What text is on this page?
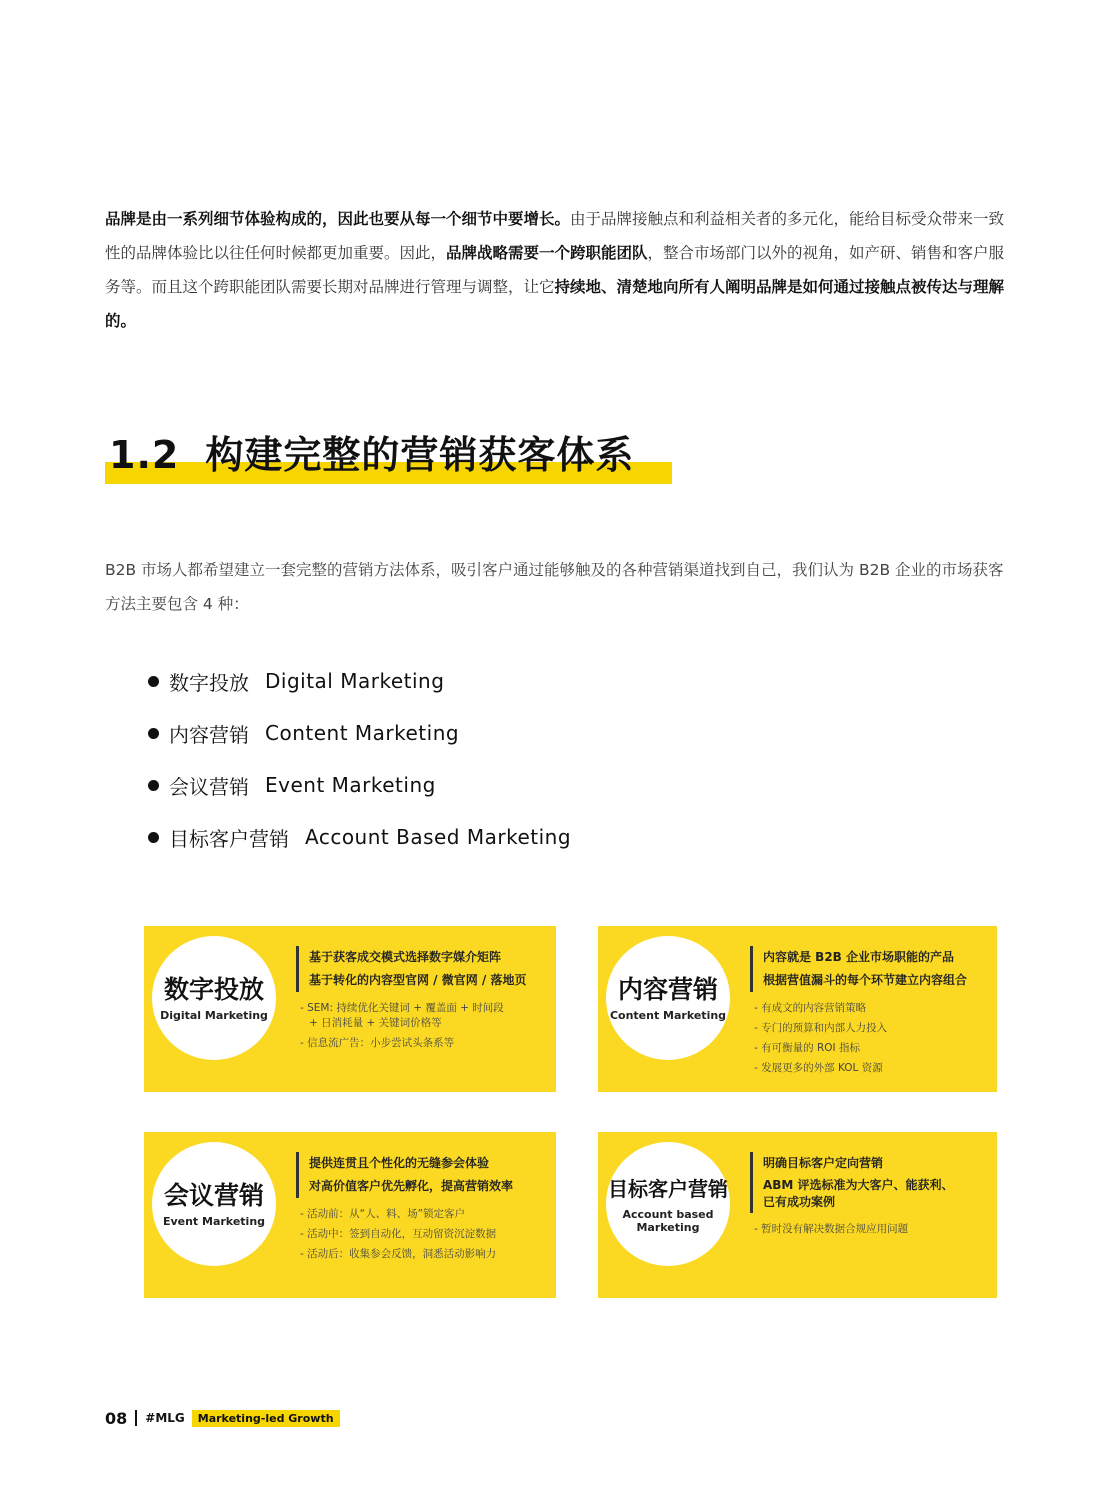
品牌是由一系列细节体验构成的，因此也要从每一个细节中要增长。由于品牌接触点和利益相关者的多元化，能给目标受众带来一致性的品牌体验比以往任何时候都更加重要。因此，品牌战略需要一个跨职能团队，整合市场部门以外的视角，如产研、销售和客户服务等。而且这个跨职能团队需要长期对品牌进行管理与调整，让它持续地、清楚地向所有人阐明品牌是如何通过接触点被传达与理解的。

1.2 构建完整的营销获客体系

B2B 市场人都希望建立一套完整的营销方法体系，吸引客户通过能够触及的各种营销渠道找到自己，我们认为 B2B 企业的市场获客方法主要包含 4 种：

数字投放 Digital Marketing
内容营销 Content Marketing
会议营销 Event Marketing
目标客户营销 Account Based Marketing
数字投放
Digital Marketing
基于获客成交模式选择数字媒介矩阵
基于转化的内容型官网 / 微官网 / 落地页
- SEM: 持续优化关键词 + 覆盖面 + 时间段
+ 日消耗量 + 关键词价格等
- 信息流广告：小步尝试头条系等
内容营销
Content Marketing
内容就是 B2B 企业市场职能的产品
根据营值漏斗的每个环节建立内容组合
- 有成文的内容营销策略
- 专门的预算和内部人力投入
- 有可衡量的 ROI 指标
- 发展更多的外部 KOL 资源
会议营销
Event Marketing
提供连贯且个性化的无缝参会体验
对高价值客户优先孵化，提高营销效率
- 活动前：从“人、料、场”锁定客户
- 活动中：签到自动化，互动留资沉淀数据
- 活动后：收集参会反馈，洞悉活动影响力
目标客户营销
Account based
Marketing
明确目标客户定向营销
ABM 评选标准为大客户、能获利、已有成功案例
- 暂时没有解决数据合规应用问题
08 #MLG	Marketing-led Growth
